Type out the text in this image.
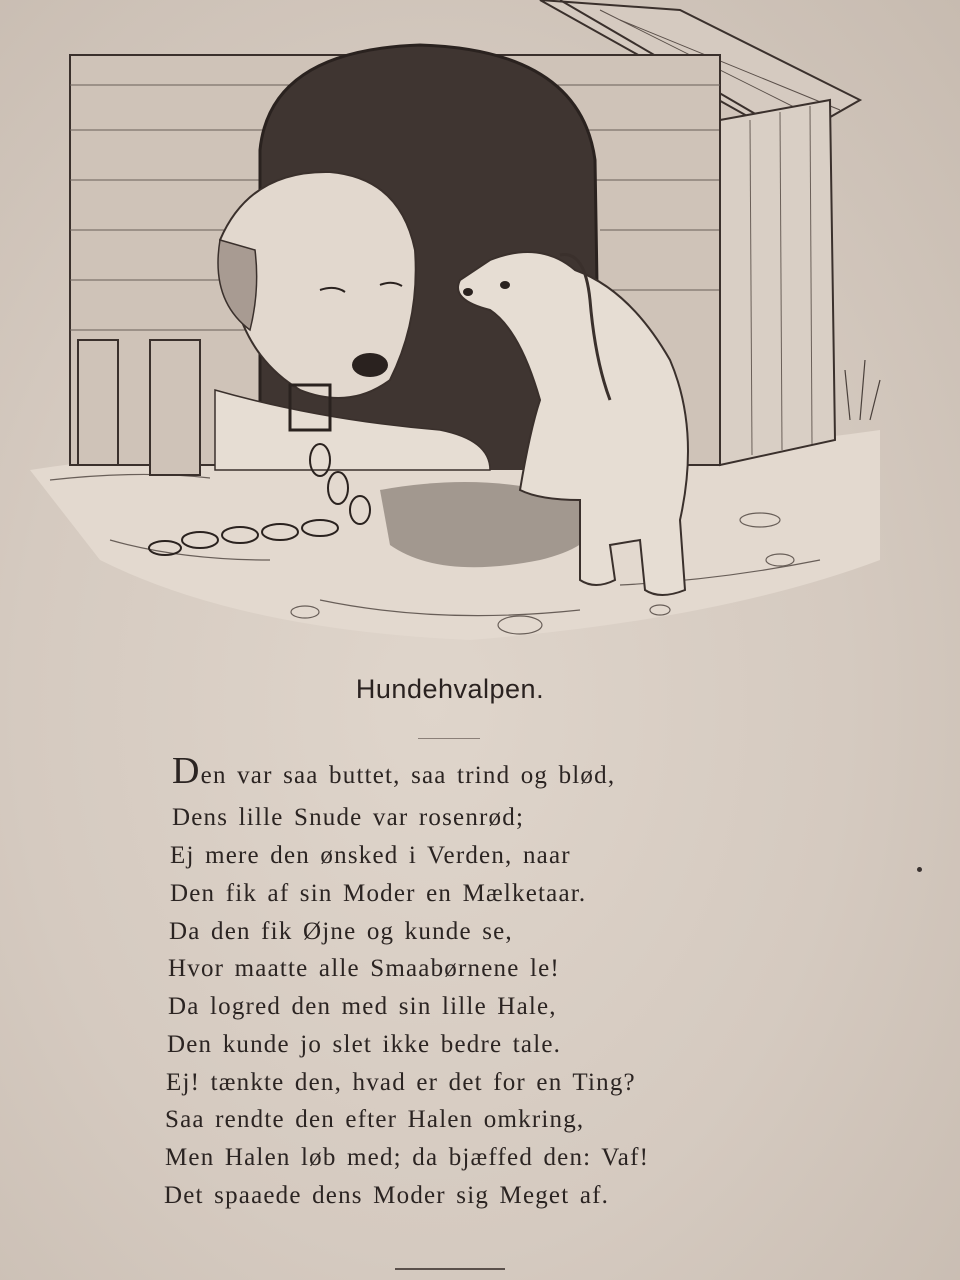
Hundehvalpen.
Den var saa buttet, saa trind og blød,
Dens lille Snude var rosenrød;
Ej mere den ønsked i Verden, naar
Den fik af sin Moder en Mælketaar.
Da den fik Øjne og kunde se,
Hvor maatte alle Smaabørnene le!
Da logred den med sin lille Hale,
Den kunde jo slet ikke bedre tale.
Ej! tænkte den, hvad er det for en Ting?
Saa rendte den efter Halen omkring,
Men Halen løb med; da bjæffed den: Vaf!
Det spaaede dens Moder sig Meget af.
